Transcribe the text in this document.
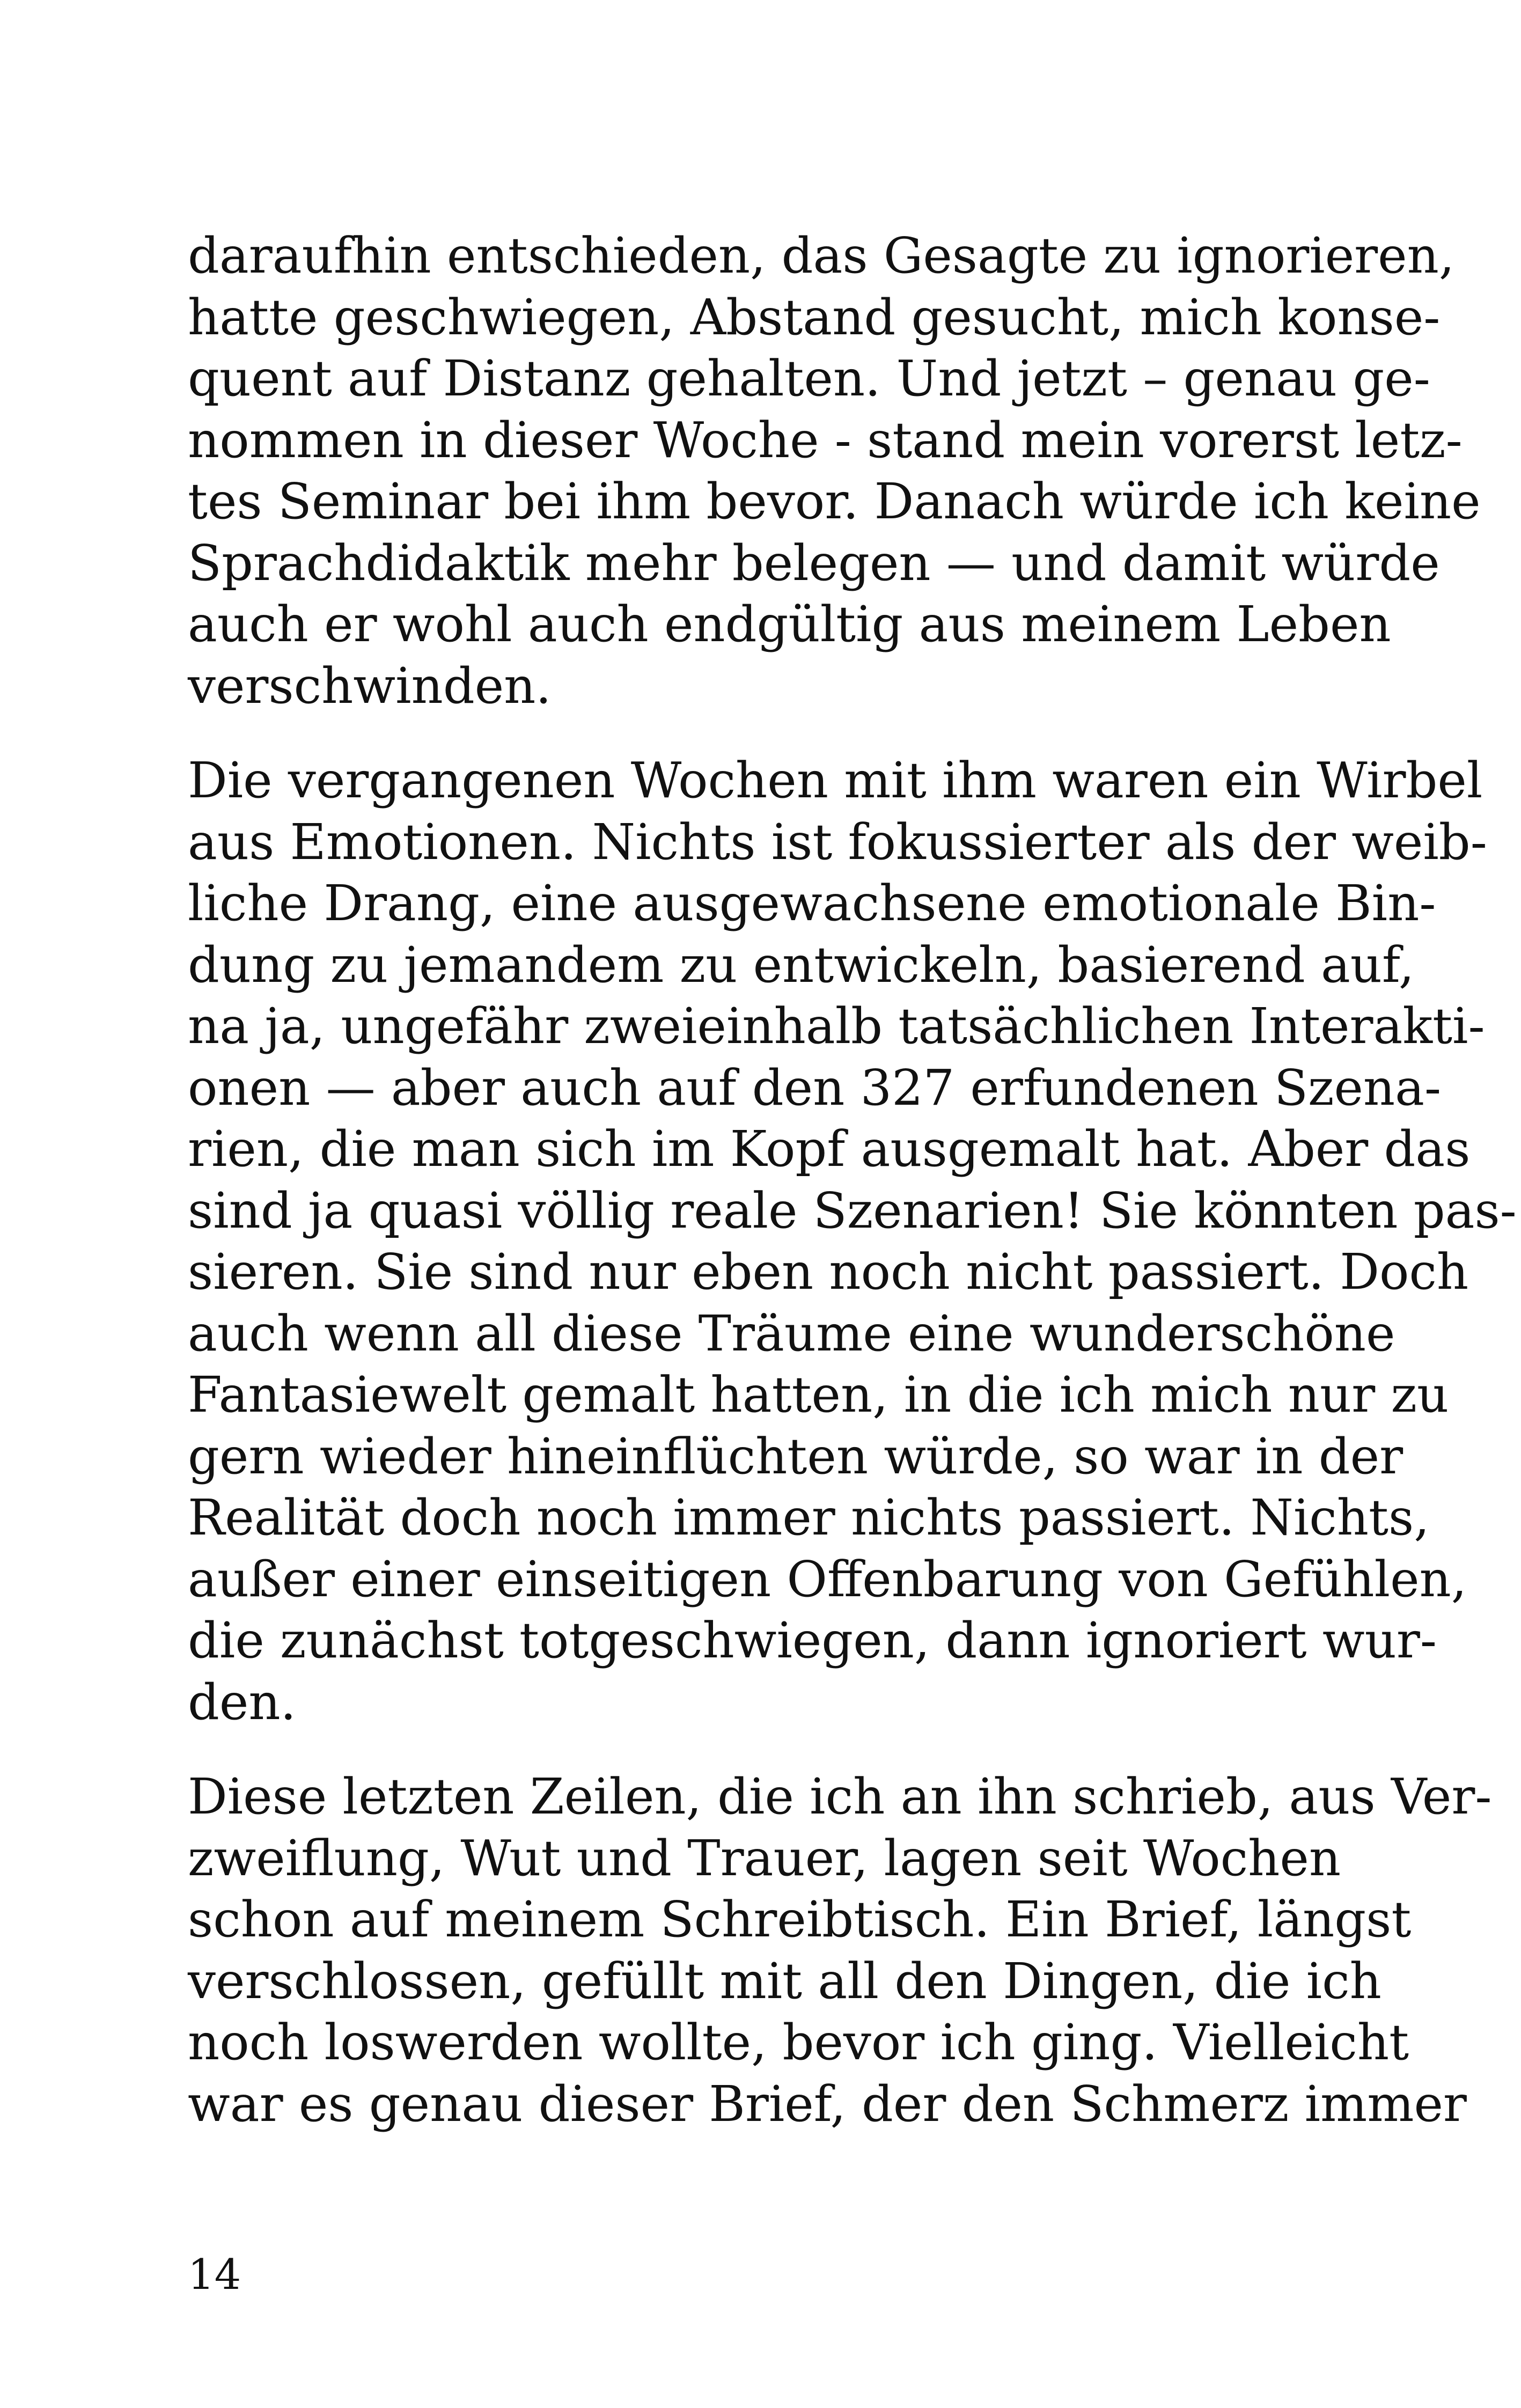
daraufhin entschieden, das Gesagte zu ignorieren,
hatte geschwiegen, Abstand gesucht, mich konse-
quent auf Distanz gehalten. Und jetzt – genau ge-
nommen in dieser Woche - stand mein vorerst letz-
tes Seminar bei ihm bevor. Danach würde ich keine
Sprachdidaktik mehr belegen — und damit würde
auch er wohl auch endgültig aus meinem Leben
verschwinden.
Die vergangenen Wochen mit ihm waren ein Wirbel
aus Emotionen. Nichts ist fokussierter als der weib-
liche Drang, eine ausgewachsene emotionale Bin-
dung zu jemandem zu entwickeln, basierend auf,
na ja, ungefähr zweieinhalb tatsächlichen Interakti-
onen — aber auch auf den 327 erfundenen Szena-
rien, die man sich im Kopf ausgemalt hat. Aber das
sind ja quasi völlig reale Szenarien! Sie könnten pas-
sieren. Sie sind nur eben noch nicht passiert. Doch
auch wenn all diese Träume eine wunderschöne
Fantasiewelt gemalt hatten, in die ich mich nur zu
gern wieder hineinflüchten würde, so war in der
Realität doch noch immer nichts passiert. Nichts,
außer einer einseitigen Offenbarung von Gefühlen,
die zunächst totgeschwiegen, dann ignoriert wur-
den.
Diese letzten Zeilen, die ich an ihn schrieb, aus Ver-
zweiflung, Wut und Trauer, lagen seit Wochen
schon auf meinem Schreibtisch. Ein Brief, längst
verschlossen, gefüllt mit all den Dingen, die ich
noch loswerden wollte, bevor ich ging. Vielleicht
war es genau dieser Brief, der den Schmerz immer
14
